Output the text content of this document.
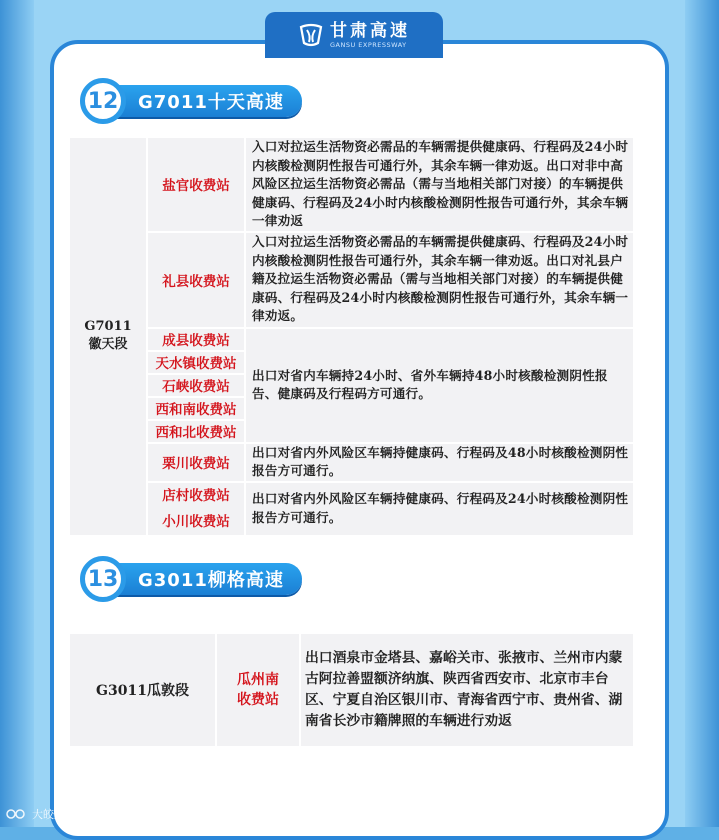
甘肃高速
GANSU EXPRESSWAY
12	G7011十天高速
G7011
徽天段	盐官收费站	入口对拉运生活物资必需品的车辆需提供健康码、行程码及24小时内核酸检测阴性报告可通行外，其余车辆一律劝返。出口对非中高风险区拉运生活物资必需品（需与当地相关部门对接）的车辆提供健康码、行程码及24小时内核酸检测阴性报告可通行外，其余车辆一律劝返
	礼县收费站	入口对拉运生活物资必需品的车辆需提供健康码、行程码及24小时内核酸检测阴性报告可通行外，其余车辆一律劝返。出口对礼县户籍及拉运生活物资必需品（需与当地相关部门对接）的车辆提供健康码、行程码及24小时内核酸检测阴性报告可通行外，其余车辆一律劝返。
	成县收费站	出口对省内车辆持24小时、省外车辆持48小时核酸检测阴性报告、健康码及行程码方可通行。
	天水镇收费站	
	石峡收费站	
	西和南收费站	
	西和北收费站	
	栗川收费站	出口对省内外风险区车辆持健康码、行程码及48小时核酸检测阴性报告方可通行。

	店村收费站
小川收费站	出口对省内外风险区车辆持健康码、行程码及24小时核酸检测阴性报告方可通行。
13	G3011柳格高速
G3011瓜敦段	瓜州南
收费站	出口酒泉市金塔县、嘉峪关市、张掖市、兰州市内蒙古阿拉善盟额济纳旗、陕西省西安市、北京市丰台区、宁夏自治区银川市、青海省西宁市、贵州省、湖南省长沙市籍牌照的车辆进行劝返
大皎路况
